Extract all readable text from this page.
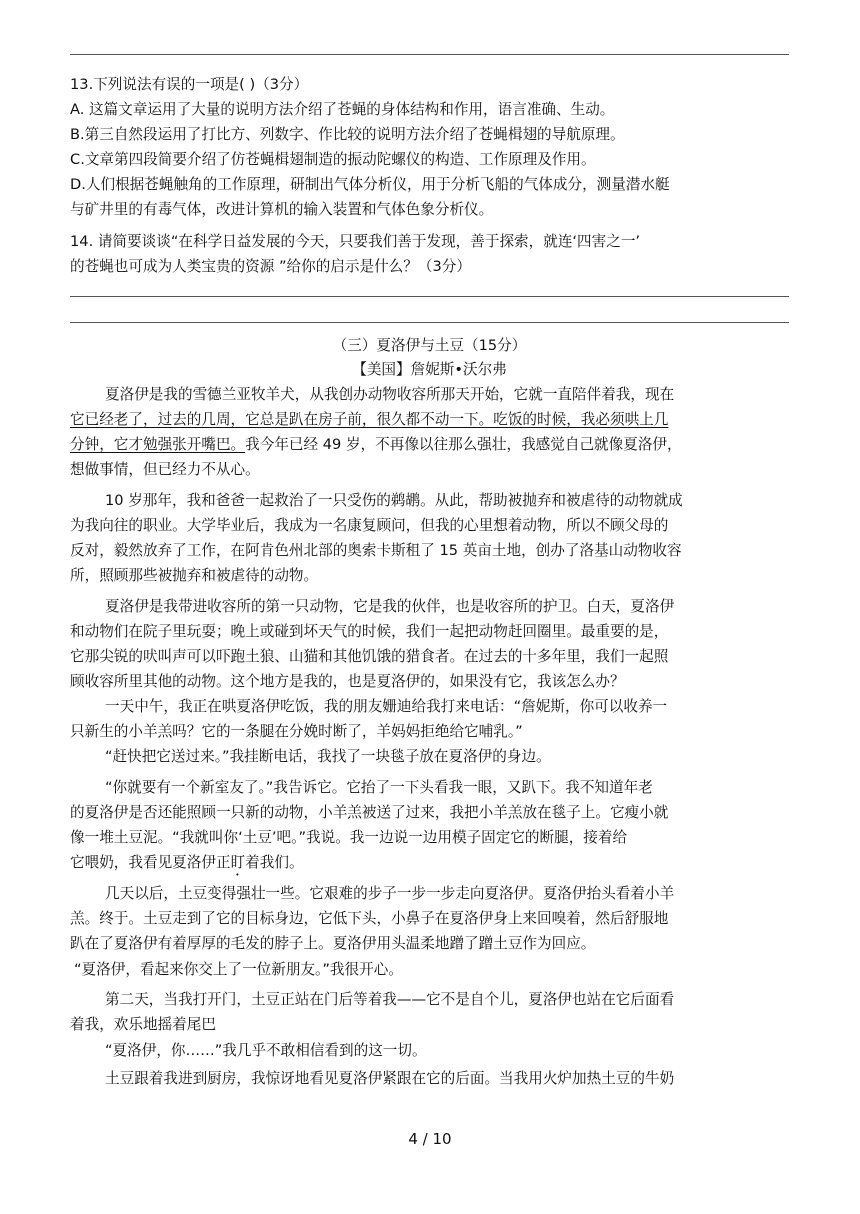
13.下列说法有误的一项是( )（3分）
A. 这篇文章运用了大量的说明方法介绍了苍蝇的身体结构和作用，语言准确、生动。
B.第三自然段运用了打比方、列数字、作比较的说明方法介绍了苍蝇楫翅的导航原理。
C.文章第四段简要介绍了仿苍蝇楫翅制造的振动陀螺仪的构造、工作原理及作用。
D.人们根据苍蝇触角的工作原理，研制出气体分析仪，用于分析飞船的气体成分，测量潜水艇
与矿井里的有毒气体，改进计算机的输入装置和气体色象分析仪。
14. 请简要谈谈“在科学日益发展的今天，只要我们善于发现，善于探索，就连‘四害之一’
的苍蝇也可成为人类宝贵的资源 ”给你的启示是什么？（3分）
（三）夏洛伊与土豆（15分）
【美国】詹妮斯•沃尔弗
夏洛伊是我的雪德兰亚牧羊犬，从我创办动物收容所那天开始，它就一直陪伴着我，现在
它已经老了，过去的几周，它总是趴在房子前，很久都不动一下。吃饭的时候，我必须哄上几
分钟，它才勉强张开嘴巴。我今年已经 49 岁，不再像以往那么强壮，我感觉自己就像夏洛伊，
想做事情，但已经力不从心。
10 岁那年，我和爸爸一起救治了一只受伤的鹈鹕。从此，帮助被抛弃和被虐待的动物就成
为我向往的职业。大学毕业后，我成为一名康复顾问，但我的心里想着动物，所以不顾父母的
反对，毅然放弃了工作，在阿肯色州北部的奥索卡斯租了 15 英亩土地，创办了洛基山动物收容
所，照顾那些被抛弃和被虐待的动物。
夏洛伊是我带进收容所的第一只动物，它是我的伙伴，也是收容所的护卫。白天，夏洛伊
和动物们在院子里玩耍；晚上或碰到坏天气的时候，我们一起把动物赶回圈里。最重要的是，
它那尖锐的吠叫声可以吓跑土狼、山猫和其他饥饿的猎食者。在过去的十多年里，我们一起照
顾收容所里其他的动物。这个地方是我的，也是夏洛伊的，如果没有它，我该怎么办？
一天中午，我正在哄夏洛伊吃饭，我的朋友姗迪给我打来电话：“詹妮斯，你可以收养一
只新生的小羊羔吗？它的一条腿在分娩时断了，羊妈妈拒绝给它哺乳。”
“赶快把它送过来。”我挂断电话，我找了一块毯子放在夏洛伊的身边。
“你就要有一个新室友了。”我告诉它。它抬了一下头看我一眼，又趴下。我不知道年老
的夏洛伊是否还能照顾一只新的动物，小羊羔被送了过来，我把小羊羔放在毯子上。它瘦小就
像一堆土豆泥。“我就叫你‘土豆’吧。”我说。我一边说一边用模子固定它的断腿，接着给
它喂奶，我看见夏洛伊正盯着我们。
几天以后，土豆变得强壮一些。它艰难的步子一步一步走向夏洛伊。夏洛伊抬头看着小羊
羔。终于。土豆走到了它的目标身边，它低下头，小鼻子在夏洛伊身上来回嗅着，然后舒服地
趴在了夏洛伊有着厚厚的毛发的脖子上。夏洛伊用头温柔地蹭了蹭土豆作为回应。
“夏洛伊，看起来你交上了一位新朋友。”我很开心。
第二天，当我打开门，土豆正站在门后等着我——它不是自个儿，夏洛伊也站在它后面看
着我，欢乐地摇着尾巴
“夏洛伊，你……”我几乎不敢相信看到的这一切。
土豆跟着我进到厨房，我惊讶地看见夏洛伊紧跟在它的后面。当我用火炉加热土豆的牛奶
4 / 10
